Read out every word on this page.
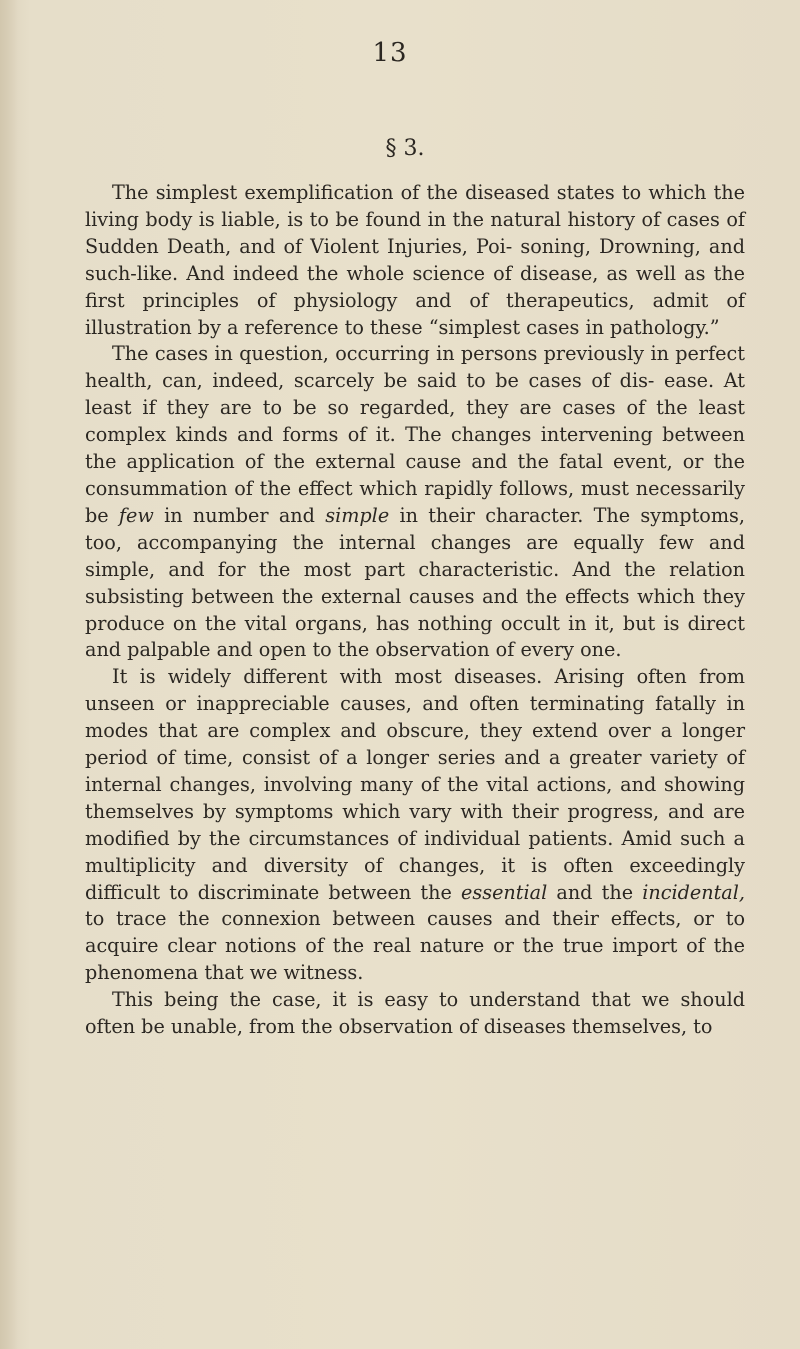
13
§ 3.

The simplest exemplification of the diseased states to which the living body is liable, is to be found in the natural history of cases of Sudden Death, and of Violent Injuries, Poi- soning, Drowning, and such-like. And indeed the whole science of disease, as well as the first principles of physiology and of therapeutics, admit of illustration by a reference to these “simplest cases in pathology.”

The cases in question, occurring in persons previously in perfect health, can, indeed, scarcely be said to be cases of dis- ease. At least if they are to be so regarded, they are cases of the least complex kinds and forms of it. The changes intervening between the application of the external cause and the fatal event, or the consummation of the effect which rapidly follows, must necessarily be few in number and simple in their character. The symptoms, too, accompanying the internal changes are equally few and simple, and for the most part characteristic. And the relation subsisting between the external causes and the effects which they produce on the vital organs, has nothing occult in it, but is direct and palpable and open to the observation of every one.

It is widely different with most diseases. Arising often from unseen or inappreciable causes, and often terminating fatally in modes that are complex and obscure, they extend over a longer period of time, consist of a longer series and a greater variety of internal changes, involving many of the vital actions, and showing themselves by symptoms which vary with their progress, and are modified by the circumstances of individual patients. Amid such a multiplicity and diversity of changes, it is often exceedingly difficult to discriminate between the essential and the incidental, to trace the connexion between causes and their effects, or to acquire clear notions of the real nature or the true import of the phenomena that we witness.

This being the case, it is easy to understand that we should often be unable, from the observation of diseases themselves, to
